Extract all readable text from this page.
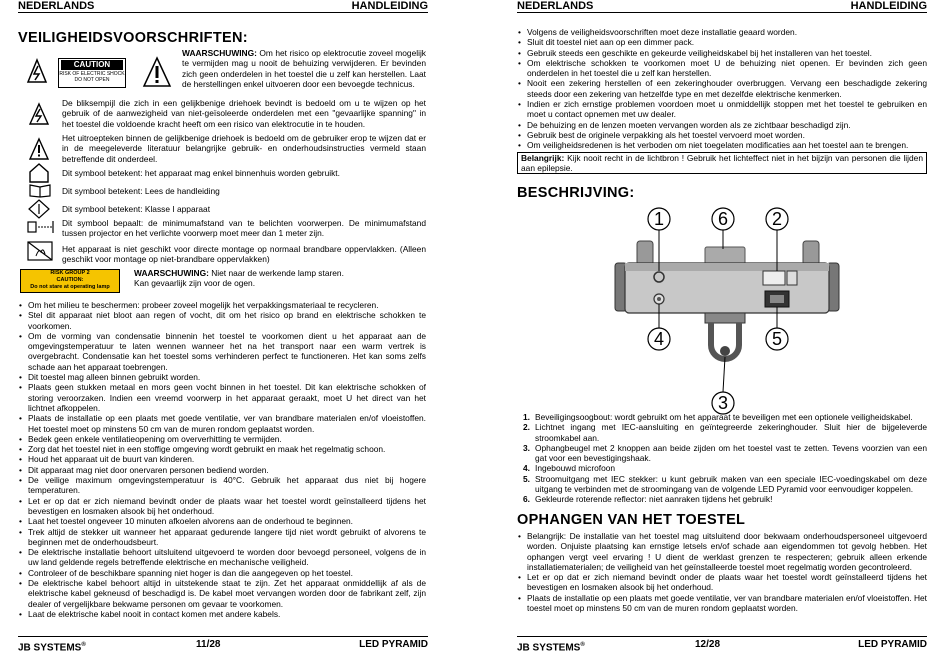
NEDERLANDS	HANDLEIDING
VEILIGHEIDSVOORSCHRIFTEN:
CAUTION
RISK OF ELECTRIC SHOCK
DO NOT OPEN
WAARSCHUWING: Om het risico op elektrocutie zoveel mogelijk te vermijden mag u nooit de behuizing verwijderen. Er bevinden zich geen onderdelen in het toestel die u zelf kan herstellen. Laat de herstellingen enkel uitvoeren door een bevoegde technicus.
De bliksempijl die zich in een gelijkbenige driehoek bevindt is bedoeld om u te wijzen op het gebruik of de aanwezigheid van niet-geïsoleerde onderdelen met een "gevaarlijke spanning" in het toestel die voldoende kracht heeft om een risico van elektrocutie in te houden.
Het uitroepteken binnen de gelijkbenige driehoek is bedoeld om de gebruiker erop te wijzen dat er in de meegeleverde literatuur belangrijke gebruik- en onderhoudsinstructies vermeld staan betreffende dit onderdeel.
Dit symbool betekent: het apparaat mag enkel binnenhuis worden gebruikt.
Dit symbool betekent: Lees de handleiding
Dit symbool betekent: Klasse I apparaat
Dit symbool bepaalt: de minimumafstand van te belichten voorwerpen. De minimumafstand tussen projector en het verlichte voorwerp moet meer dan 1 meter zijn.
Het apparaat is niet geschikt voor directe montage op normaal brandbare oppervlakken. (Alleen geschikt voor montage op niet-brandbare oppervlakken)
RISK GROUP 2
CAUTION:
Do not stare at operating lamp
WAARSCHUWING: Niet naar de werkende lamp staren.
Kan gevaarlijk zijn voor de ogen.
• Om het milieu te beschermen: probeer zoveel mogelijk het verpakkingsmateriaal te recycleren.
• Stel dit apparaat niet bloot aan regen of vocht, dit om het risico op brand en elektrische schokken te voorkomen.
• Om de vorming van condensatie binnenin het toestel te voorkomen dient u het apparaat aan de omgevingstemperatuur te laten wennen wanneer het na het transport naar een warm vertrek is overgebracht. Condensatie kan het toestel soms verhinderen perfect te functioneren. Het kan soms zelfs schade aan het apparaat toebrengen.
• Dit toestel mag alleen binnen gebruikt worden.
• Plaats geen stukken metaal en mors geen vocht binnen in het toestel. Dit kan elektrische schokken of storing veroorzaken. Indien een vreemd voorwerp in het apparaat geraakt, moet U het direct van het lichtnet afkoppelen.
• Plaats de installatie op een plaats met goede ventilatie, ver van brandbare materialen en/of vloeistoffen. Het toestel moet op minstens 50 cm van de muren rondom geplaatst worden.
• Bedek geen enkele ventilatieopening om oververhitting te vermijden.
• Zorg dat het toestel niet in een stoffige omgeving wordt gebruikt en maak het regelmatig schoon.
• Houd het apparaat uit de buurt van kinderen.
• Dit apparaat mag niet door onervaren personen bediend worden.
• De veilige maximum omgevingstemperatuur is 40°C. Gebruik het apparaat dus niet bij hogere temperaturen.
• Let er op dat er zich niemand bevindt onder de plaats waar het toestel wordt geïnstalleerd tijdens het bevestigen en losmaken alsook bij het onderhoud.
• Laat het toestel ongeveer 10 minuten afkoelen alvorens aan de onderhoud te beginnen.
• Trek altijd de stekker uit wanneer het apparaat gedurende langere tijd niet wordt gebruikt of alvorens te beginnen met de onderhoudsbeurt.
• De elektrische installatie behoort uitsluitend uitgevoerd te worden door bevoegd personeel, volgens de in uw land geldende regels betreffende elektrische en mechanische veiligheid.
• Controleer of de beschikbare spanning niet hoger is dan die aangegeven op het toestel.
• De elektrische kabel behoort altijd in uitstekende staat te zijn. Zet het apparaat onmiddellijk af als de elektrische kabel gekneusd of beschadigd is. De kabel moet vervangen worden door de fabrikant zelf, zijn dealer of vergelijkbare bekwame personen om gevaar te voorkomen.
• Laat de elektrische kabel nooit in contact komen met andere kabels.
JB SYSTEMS®	11/28	LED PYRAMID
NEDERLANDS	HANDLEIDING
• Volgens de veiligheidsvoorschriften moet deze installatie geaard worden.
• Sluit dit toestel niet aan op een dimmer pack.
• Gebruik steeds een geschikte en gekeurde veiligheidskabel bij het installeren van het toestel.
• Om elektrische schokken te voorkomen moet U de behuizing niet openen. Er bevinden zich geen onderdelen in het toestel die u zelf kan herstellen.
• Nooit een zekering herstellen of een zekeringhouder overbruggen. Vervang een beschadigde zekering steeds door een zekering van hetzelfde type en met dezelfde elektrische kenmerken.
• Indien er zich ernstige problemen voordoen moet u onmiddellijk stoppen met het toestel te gebruiken en moet u contact opnemen met uw dealer.
• De behuizing en de lenzen moeten vervangen worden als ze zichtbaar beschadigd zijn.
• Gebruik best de originele verpakking als het toestel vervoerd moet worden.
• Om veiligheidsredenen is het verboden om niet toegelaten modificaties aan het toestel aan te brengen.
Belangrijk: Kijk nooit recht in de lichtbron ! Gebruik het lichteffect niet in het bijzijn van personen die lijden aan epilepsie.
BESCHRIJVING:
1	6 2
4	5
3
1. Beveiligingsoogbout: wordt gebruikt om het apparaat te beveiligen met een optionele veiligheidskabel.
2. Lichtnet ingang met IEC-aansluiting en geïntegreerde zekeringhouder. Sluit hier de bijgeleverde stroomkabel aan.
3. Ophangbeugel met 2 knoppen aan beide zijden om het toestel vast te zetten. Tevens voorzien van een gat voor een bevestigingshaak.
4. Ingebouwd microfoon
5. Stroomuitgang met IEC stekker: u kunt gebruik maken van een speciale IEC-voedingskabel om deze uitgang te verbinden met de stroomingang van de volgende LED Pyramid voor eenvoudiger koppelen.
6. Gekleurde roterende reflector: niet aanraken tijdens het gebruik!
OPHANGEN VAN HET TOESTEL
• Belangrijk: De installatie van het toestel mag uitsluitend door bekwaam onderhoudspersoneel uitgevoerd worden. Onjuiste plaatsing kan ernstige letsels en/of schade aan eigendommen tot gevolg hebben. Het ophangen vergt veel ervaring ! U dient de werklast grenzen te respecteren; gebruik alleen erkende installatiematerialen; de veiligheid van het geïnstalleerde toestel moet regelmatig worden gecontroleerd.
• Let er op dat er zich niemand bevindt onder de plaats waar het toestel wordt geïnstalleerd tijdens het bevestigen en losmaken alsook bij het onderhoud.
• Plaats de installatie op een plaats met goede ventilatie, ver van brandbare materialen en/of vloeistoffen. Het toestel moet op minstens 50 cm van de muren rondom geplaatst worden.
JB SYSTEMS®	12/28	LED PYRAMID
